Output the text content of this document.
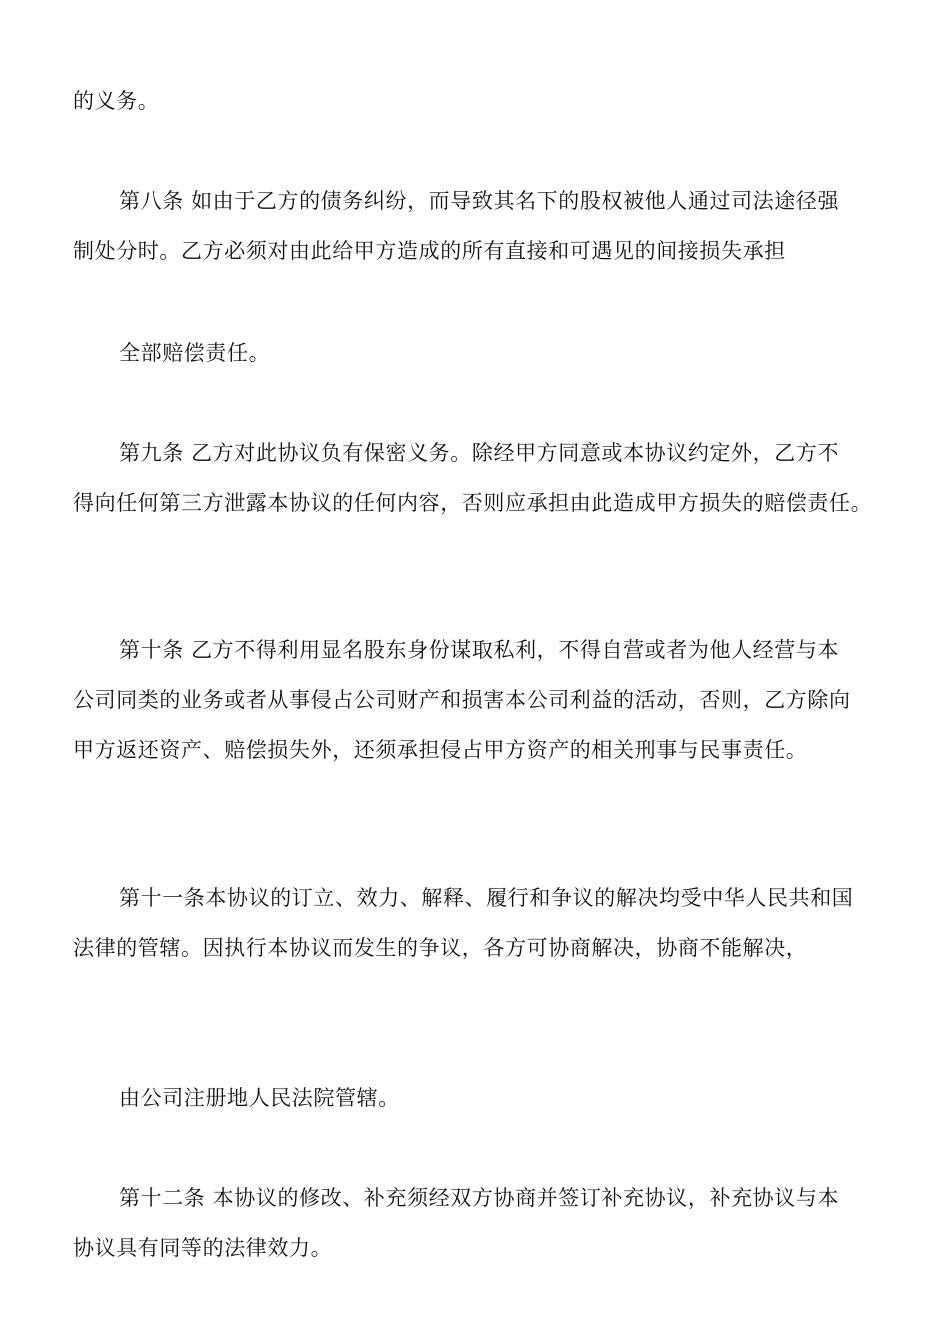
的义务。
第八条 如由于乙方的债务纠纷，而导致其名下的股权被他人通过司法途径强
制处分时。乙方必须对由此给甲方造成的所有直接和可遇见的间接损失承担
全部赔偿责任。
第九条 乙方对此协议负有保密义务。除经甲方同意或本协议约定外，乙方不
得向任何第三方泄露本协议的任何内容，否则应承担由此造成甲方损失的赔偿责任。
第十条 乙方不得利用显名股东身份谋取私利，不得自营或者为他人经营与本
公司同类的业务或者从事侵占公司财产和损害本公司利益的活动，否则，乙方除向
甲方返还资产、赔偿损失外，还须承担侵占甲方资产的相关刑事与民事责任。
第十一条本协议的订立、效力、解释、履行和争议的解决均受中华人民共和国
法律的管辖。因执行本协议而发生的争议，各方可协商解决，协商不能解决，
由公司注册地人民法院管辖。
第十二条 本协议的修改、补充须经双方协商并签订补充协议，补充协议与本
协议具有同等的法律效力。
